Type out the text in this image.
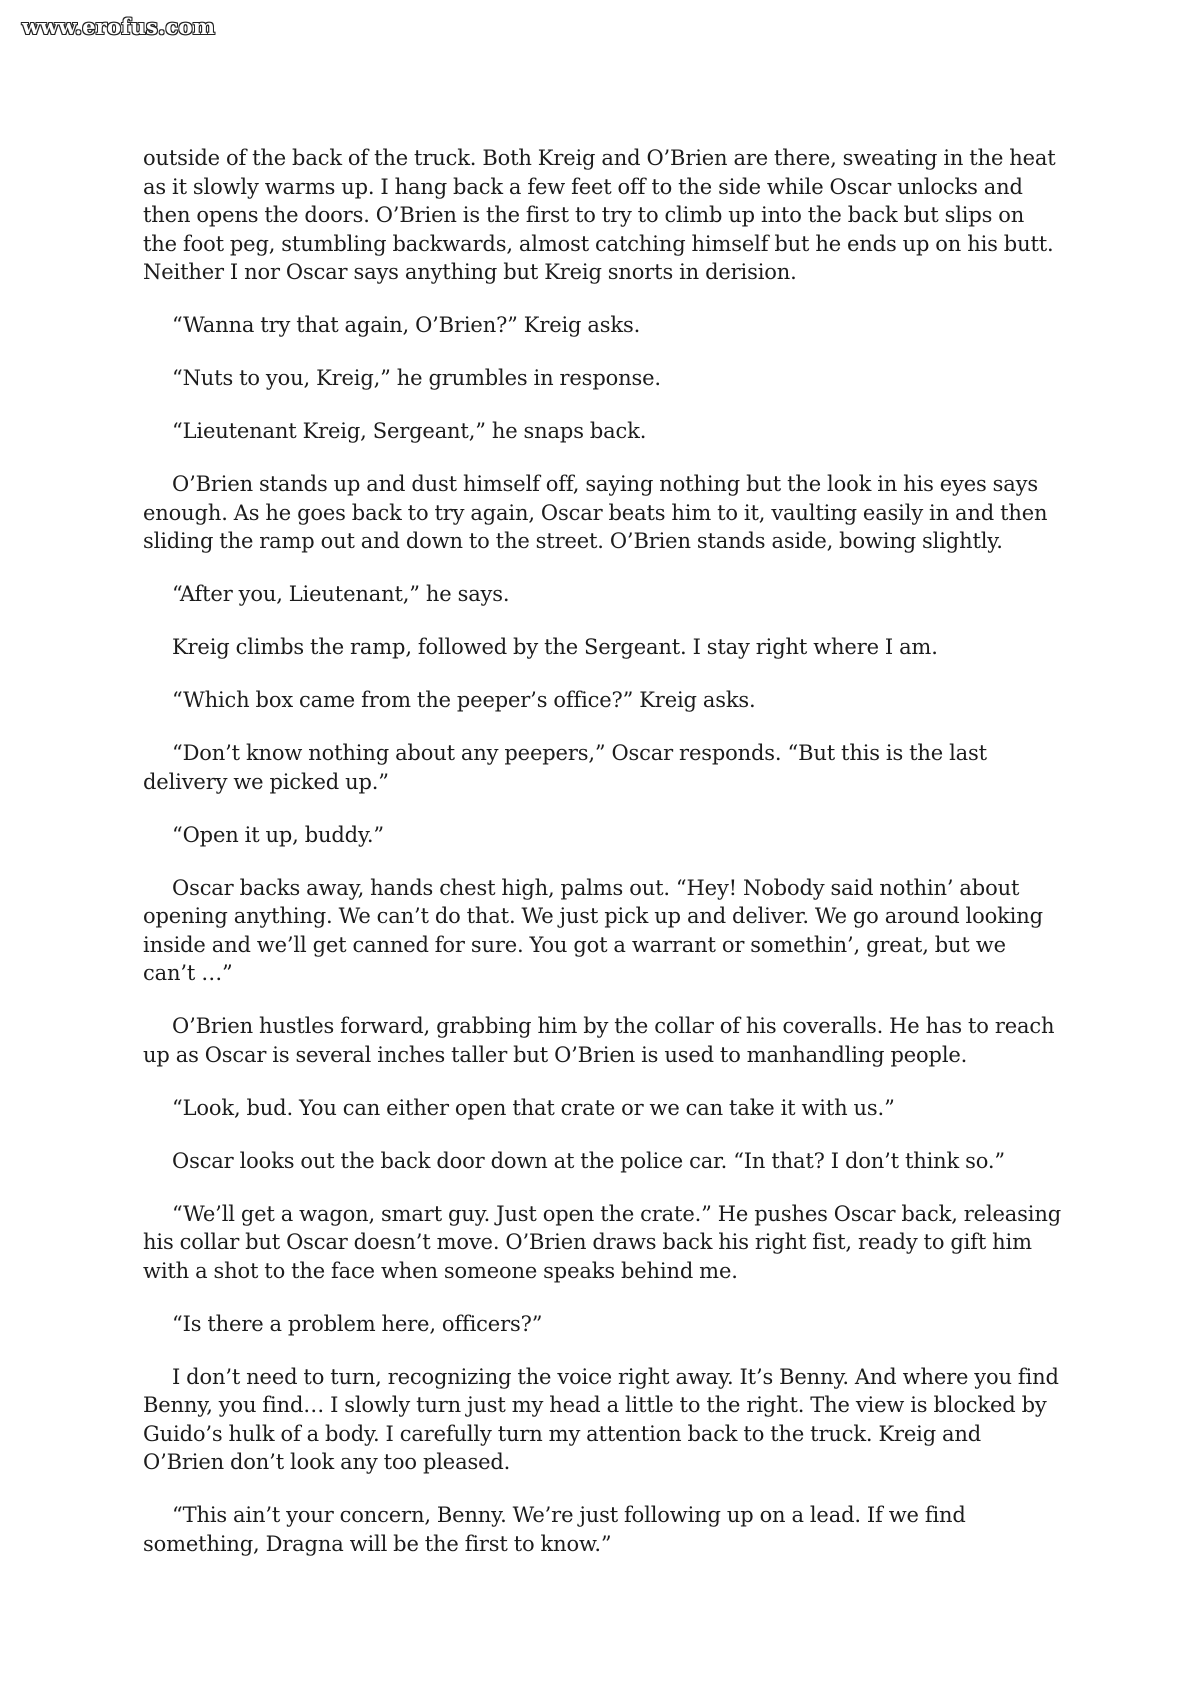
www.erofus.com

outside of the back of the truck. Both Kreig and O’Brien are there, sweating in the heat as it slowly warms up. I hang back a few feet off to the side while Oscar unlocks and then opens the doors. O’Brien is the first to try to climb up into the back but slips on the foot peg, stumbling backwards, almost catching himself but he ends up on his butt. Neither I nor Oscar says anything but Kreig snorts in derision.

“Wanna try that again, O’Brien?” Kreig asks.

“Nuts to you, Kreig,” he grumbles in response.

“Lieutenant Kreig, Sergeant,” he snaps back.

O’Brien stands up and dust himself off, saying nothing but the look in his eyes says enough. As he goes back to try again, Oscar beats him to it, vaulting easily in and then sliding the ramp out and down to the street. O’Brien stands aside, bowing slightly.

“After you, Lieutenant,” he says.

Kreig climbs the ramp, followed by the Sergeant. I stay right where I am.

“Which box came from the peeper’s office?” Kreig asks.

“Don’t know nothing about any peepers,” Oscar responds. “But this is the last delivery we picked up.”

“Open it up, buddy.”

Oscar backs away, hands chest high, palms out. “Hey! Nobody said nothin’ about opening anything. We can’t do that. We just pick up and deliver. We go around looking inside and we’ll get canned for sure. You got a warrant or somethin’, great, but we can’t …”

O’Brien hustles forward, grabbing him by the collar of his coveralls. He has to reach up as Oscar is several inches taller but O’Brien is used to manhandling people.

“Look, bud. You can either open that crate or we can take it with us.”

Oscar looks out the back door down at the police car. “In that? I don’t think so.”

“We’ll get a wagon, smart guy. Just open the crate.” He pushes Oscar back, releasing his collar but Oscar doesn’t move. O’Brien draws back his right fist, ready to gift him with a shot to the face when someone speaks behind me.

“Is there a problem here, officers?”

I don’t need to turn, recognizing the voice right away. It’s Benny. And where you find Benny, you find… I slowly turn just my head a little to the right. The view is blocked by Guido’s hulk of a body. I carefully turn my attention back to the truck. Kreig and O’Brien don’t look any too pleased.

“This ain’t your concern, Benny. We’re just following up on a lead. If we find something, Dragna will be the first to know.”
